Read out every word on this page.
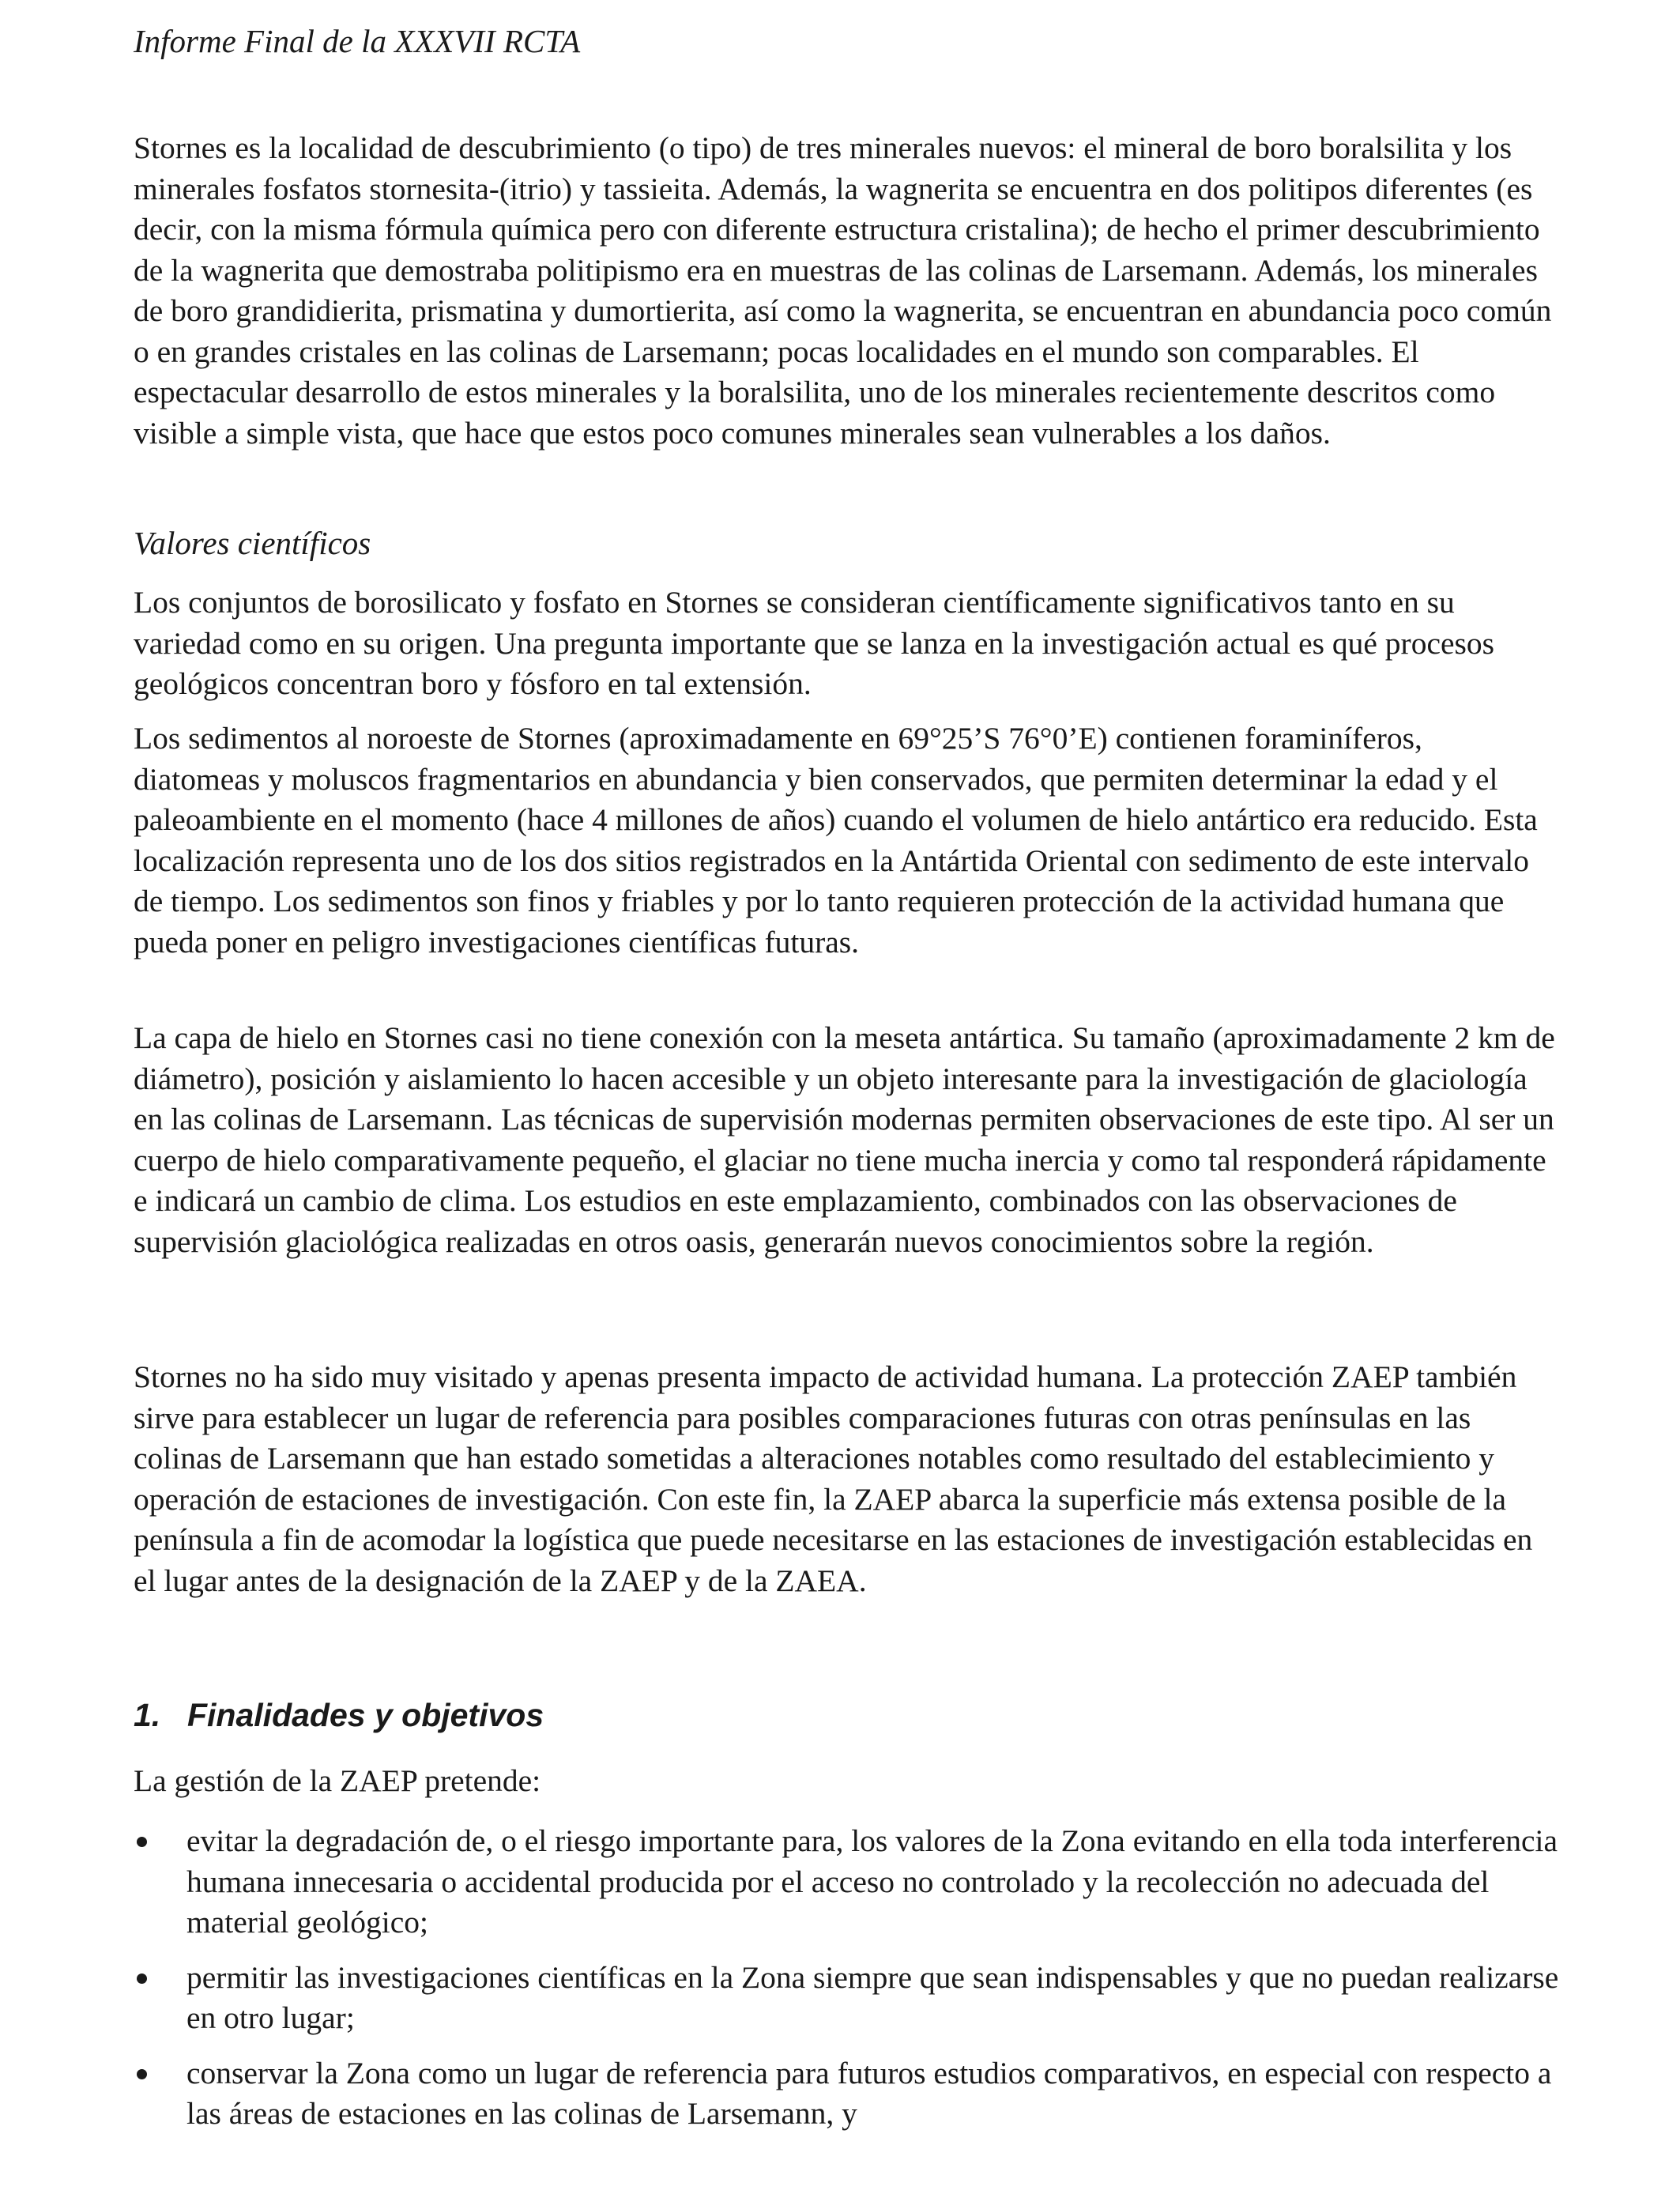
Informe Final de la XXXVII RCTA

Stornes es la localidad de descubrimiento (o tipo) de tres minerales nuevos: el mineral de boro boralsilita y los minerales fosfatos stornesita-(itrio) y tassieita. Además, la wagnerita se encuentra en dos politipos diferentes (es decir, con la misma fórmula química pero con diferente estructura cristalina); de hecho el primer descubrimiento de la wagnerita que demostraba politipismo era en muestras de las colinas de Larsemann. Además, los minerales de boro grandidierita, prismatina y dumortierita, así como la wagnerita, se encuentran en abundancia poco común o en grandes cristales en las colinas de Larsemann; pocas localidades en el mundo son comparables. El espectacular desarrollo de estos minerales y la boralsilita, uno de los minerales recientemente descritos como visible a simple vista, que hace que estos poco comunes minerales sean vulnerables a los daños.

Valores científicos

Los conjuntos de borosilicato y fosfato en Stornes se consideran científicamente significativos tanto en su variedad como en su origen. Una pregunta importante que se lanza en la investigación actual es qué procesos geológicos concentran boro y fósforo en tal extensión.

Los sedimentos al noroeste de Stornes (aproximadamente en 69°25’S 76°0’E) contienen foraminíferos, diatomeas y moluscos fragmentarios en abundancia y bien conservados, que permiten determinar la edad y el paleoambiente en el momento (hace 4 millones de años) cuando el volumen de hielo antártico era reducido. Esta localización representa uno de los dos sitios registrados en la Antártida Oriental con sedimento de este intervalo de tiempo. Los sedimentos son finos y friables y por lo tanto requieren protección de la actividad humana que pueda poner en peligro investigaciones científicas futuras.

La capa de hielo en Stornes casi no tiene conexión con la meseta antártica. Su tamaño (aproximadamente 2 km de diámetro), posición y aislamiento lo hacen accesible y un objeto interesante para la investigación de glaciología en las colinas de Larsemann. Las técnicas de supervisión modernas permiten observaciones de este tipo. Al ser un cuerpo de hielo comparativamente pequeño, el glaciar no tiene mucha inercia y como tal responderá rápidamente e indicará un cambio de clima. Los estudios en este emplazamiento, combinados con las observaciones de supervisión glaciológica realizadas en otros oasis, generarán nuevos conocimientos sobre la región.

Stornes no ha sido muy visitado y apenas presenta impacto de actividad humana. La protección ZAEP también sirve para establecer un lugar de referencia para posibles comparaciones futuras con otras penínsulas en las colinas de Larsemann que han estado sometidas a alteraciones notables como resultado del establecimiento y operación de estaciones de investigación. Con este fin, la ZAEP abarca la superficie más extensa posible de la península a fin de acomodar la logística que puede necesitarse en las estaciones de investigación establecidas en el lugar antes de la designación de la ZAEP y de la ZAEA.

1. Finalidades y objetivos

La gestión de la ZAEP pretende:

evitar la degradación de, o el riesgo importante para, los valores de la Zona evitando en ella toda interferencia humana innecesaria o accidental producida por el acceso no controlado y la recolección no adecuada del material geológico;
permitir las investigaciones científicas en la Zona siempre que sean indispensables y que no puedan realizarse en otro lugar;
conservar la Zona como un lugar de referencia para futuros estudios comparativos, en especial con respecto a las áreas de estaciones en las colinas de Larsemann, y
